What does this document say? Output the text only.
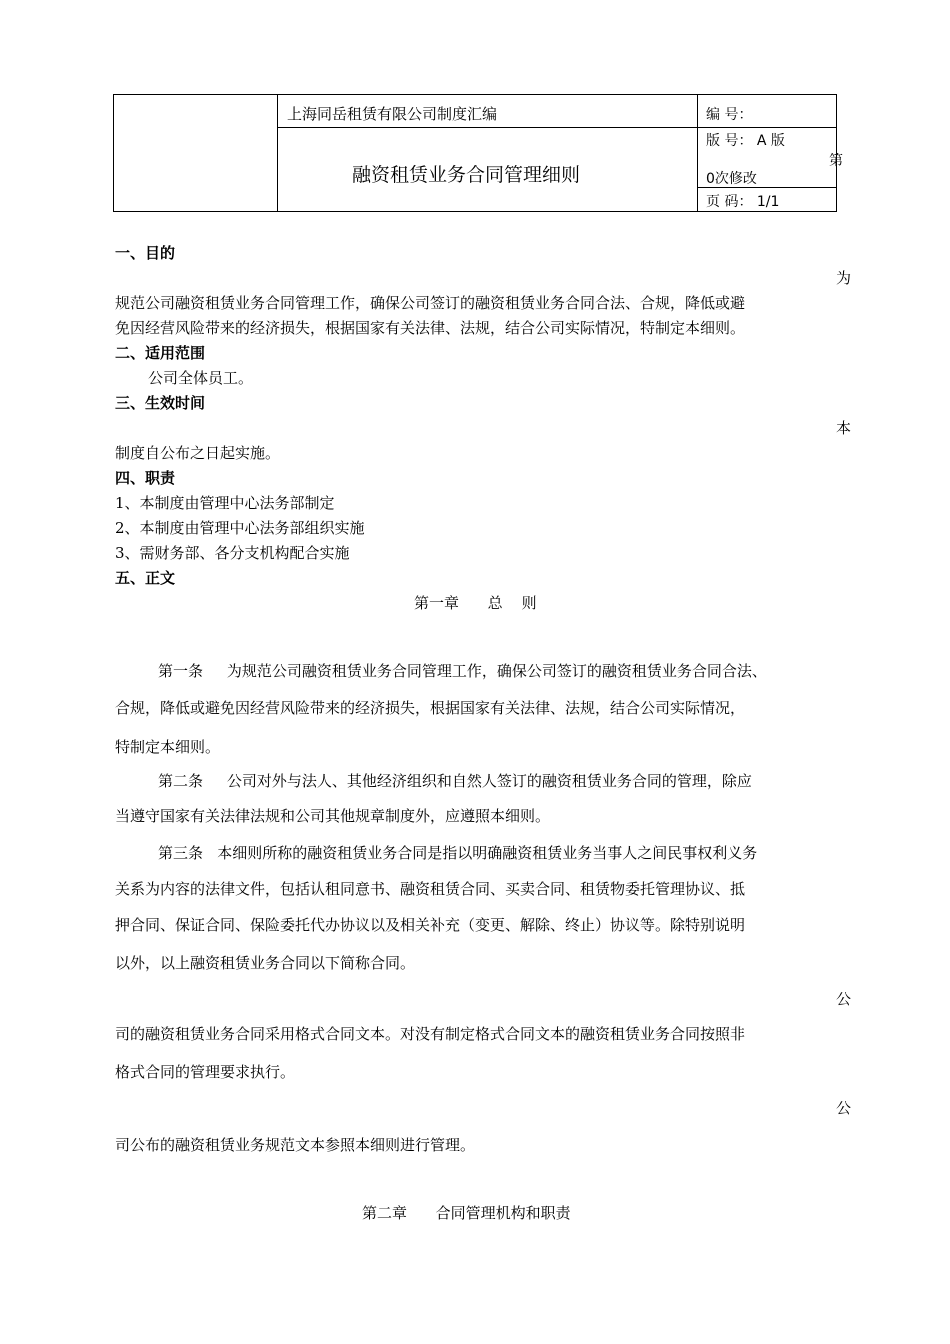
上海同岳租赁有限公司制度汇编
融资租赁业务合同管理细则
编 号：
版 号： A 版
第
0次修改
页 码： 1/1
一、目的
为
规范公司融资租赁业务合同管理工作，确保公司签订的融资租赁业务合同合法、合规，降低或避
免因经营风险带来的经济损失，根据国家有关法律、法规，结合公司实际情况，特制定本细则。
二、适用范围
公司全体员工。
三、生效时间
本
制度自公布之日起实施。
四、职责
1、本制度由管理中心法务部制定
2、本制度由管理中心法务部组织实施
3、需财务部、各分支机构配合实施
五、正文
第一章      总    则
第一条     为规范公司融资租赁业务合同管理工作，确保公司签订的融资租赁业务合同合法、
合规，降低或避免因经营风险带来的经济损失，根据国家有关法律、法规，结合公司实际情况，
特制定本细则。
第二条     公司对外与法人、其他经济组织和自然人签订的融资租赁业务合同的管理，除应
当遵守国家有关法律法规和公司其他规章制度外，应遵照本细则。
第三条   本细则所称的融资租赁业务合同是指以明确融资租赁业务当事人之间民事权利义务
关系为内容的法律文件，包括认租同意书、融资租赁合同、买卖合同、租赁物委托管理协议、抵
押合同、保证合同、保险委托代办协议以及相关补充（变更、解除、终止）协议等。除特别说明
以外，以上融资租赁业务合同以下简称合同。
公
司的融资租赁业务合同采用格式合同文本。对没有制定格式合同文本的融资租赁业务合同按照非
格式合同的管理要求执行。
公
司公布的融资租赁业务规范文本参照本细则进行管理。
第二章      合同管理机构和职责
